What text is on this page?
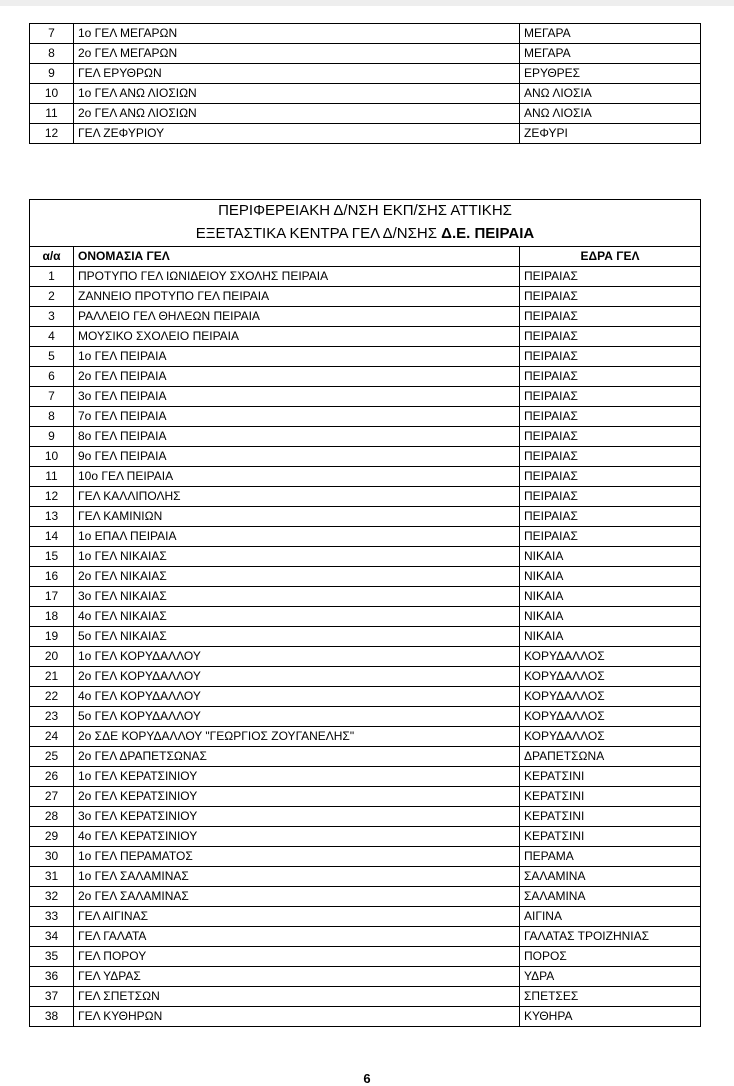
7	1ο ΓΕΛ ΜΕΓΑΡΩΝ	ΜΕΓΑΡΑ
8	2ο ΓΕΛ ΜΕΓΑΡΩΝ	ΜΕΓΑΡΑ
9	ΓΕΛ ΕΡΥΘΡΩΝ	ΕΡΥΘΡΕΣ
10	1ο ΓΕΛ ΑΝΩ ΛΙΟΣΙΩΝ	ΑΝΩ ΛΙΟΣΙΑ
11	2ο ΓΕΛ ΑΝΩ ΛΙΟΣΙΩΝ	ΑΝΩ ΛΙΟΣΙΑ
12	ΓΕΛ ΖΕΦΥΡΙΟΥ	ΖΕΦΥΡΙ
ΠΕΡΙΦΕΡΕΙΑΚΗ Δ/ΝΣΗ ΕΚΠ/ΣΗΣ ΑΤΤΙΚΗΣ		

ΕΞΕΤΑΣΤΙΚΑ ΚΕΝΤΡΑ ΓΕΛ Δ/ΝΣΗΣ Δ.Ε. ΠΕΙΡΑΙΑ		

α/α	ΟΝΟΜΑΣΙΑ ΓΕΛ	ΕΔΡΑ ΓΕΛ
1	ΠΡΟΤΥΠΟ ΓΕΛ ΙΩΝΙΔΕΙΟΥ ΣΧΟΛΗΣ ΠΕΙΡΑΙΑ	ΠΕΙΡΑΙΑΣ
2	ΖΑΝΝΕΙΟ ΠΡΟΤΥΠΟ ΓΕΛ ΠΕΙΡΑΙΑ	ΠΕΙΡΑΙΑΣ
3	ΡΑΛΛΕΙΟ ΓΕΛ ΘΗΛΕΩΝ ΠΕΙΡΑΙΑ	ΠΕΙΡΑΙΑΣ
4	ΜΟΥΣΙΚΟ ΣΧΟΛΕΙΟ ΠΕΙΡΑΙΑ	ΠΕΙΡΑΙΑΣ
5	1ο ΓΕΛ ΠΕΙΡΑΙΑ	ΠΕΙΡΑΙΑΣ
6	2ο ΓΕΛ ΠΕΙΡΑΙΑ	ΠΕΙΡΑΙΑΣ
7	3ο ΓΕΛ ΠΕΙΡΑΙΑ	ΠΕΙΡΑΙΑΣ
8	7ο ΓΕΛ ΠΕΙΡΑΙΑ	ΠΕΙΡΑΙΑΣ
9	8ο ΓΕΛ ΠΕΙΡΑΙΑ	ΠΕΙΡΑΙΑΣ
10	9ο ΓΕΛ ΠΕΙΡΑΙΑ	ΠΕΙΡΑΙΑΣ
11	10ο ΓΕΛ ΠΕΙΡΑΙΑ	ΠΕΙΡΑΙΑΣ
12	ΓΕΛ ΚΑΛΛΙΠΟΛΗΣ	ΠΕΙΡΑΙΑΣ
13	ΓΕΛ ΚΑΜΙΝΙΩΝ	ΠΕΙΡΑΙΑΣ
14	1ο ΕΠΑΛ ΠΕΙΡΑΙΑ	ΠΕΙΡΑΙΑΣ
15	1ο ΓΕΛ ΝΙΚΑΙΑΣ	ΝΙΚΑΙΑ
16	2ο ΓΕΛ ΝΙΚΑΙΑΣ	ΝΙΚΑΙΑ
17	3ο ΓΕΛ ΝΙΚΑΙΑΣ	ΝΙΚΑΙΑ
18	4ο ΓΕΛ ΝΙΚΑΙΑΣ	ΝΙΚΑΙΑ
19	5ο ΓΕΛ ΝΙΚΑΙΑΣ	ΝΙΚΑΙΑ
20	1ο ΓΕΛ ΚΟΡΥΔΑΛΛΟΥ	ΚΟΡΥΔΑΛΛΟΣ
21	2ο ΓΕΛ ΚΟΡΥΔΑΛΛΟΥ	ΚΟΡΥΔΑΛΛΟΣ
22	4ο ΓΕΛ ΚΟΡΥΔΑΛΛΟΥ	ΚΟΡΥΔΑΛΛΟΣ
23	5ο ΓΕΛ ΚΟΡΥΔΑΛΛΟΥ	ΚΟΡΥΔΑΛΛΟΣ
24	2ο ΣΔΕ ΚΟΡΥΔΑΛΛΟΥ "ΓΕΩΡΓΙΟΣ ΖΟΥΓΑΝΕΛΗΣ"	ΚΟΡΥΔΑΛΛΟΣ
25	2ο ΓΕΛ ΔΡΑΠΕΤΣΩΝΑΣ	ΔΡΑΠΕΤΣΩΝΑ
26	1ο ΓΕΛ ΚΕΡΑΤΣΙΝΙΟΥ	ΚΕΡΑΤΣΙΝΙ
27	2ο ΓΕΛ ΚΕΡΑΤΣΙΝΙΟΥ	ΚΕΡΑΤΣΙΝΙ
28	3ο ΓΕΛ ΚΕΡΑΤΣΙΝΙΟΥ	ΚΕΡΑΤΣΙΝΙ
29	4ο ΓΕΛ ΚΕΡΑΤΣΙΝΙΟΥ	ΚΕΡΑΤΣΙΝΙ
30	1ο ΓΕΛ ΠΕΡΑΜΑΤΟΣ	ΠΕΡΑΜΑ
31	1ο ΓΕΛ ΣΑΛΑΜΙΝΑΣ	ΣΑΛΑΜΙΝΑ
32	2ο ΓΕΛ ΣΑΛΑΜΙΝΑΣ	ΣΑΛΑΜΙΝΑ
33	ΓΕΛ ΑΙΓΙΝΑΣ	ΑΙΓΙΝΑ
34	ΓΕΛ ΓΑΛΑΤΑ	ΓΑΛΑΤΑΣ ΤΡΟΙΖΗΝΙΑΣ
35	ΓΕΛ ΠΟΡΟΥ	ΠΟΡΟΣ
36	ΓΕΛ ΥΔΡΑΣ	ΥΔΡΑ
37	ΓΕΛ ΣΠΕΤΣΩΝ	ΣΠΕΤΣΕΣ
38	ΓΕΛ ΚΥΘΗΡΩΝ	ΚΥΘΗΡΑ
6
